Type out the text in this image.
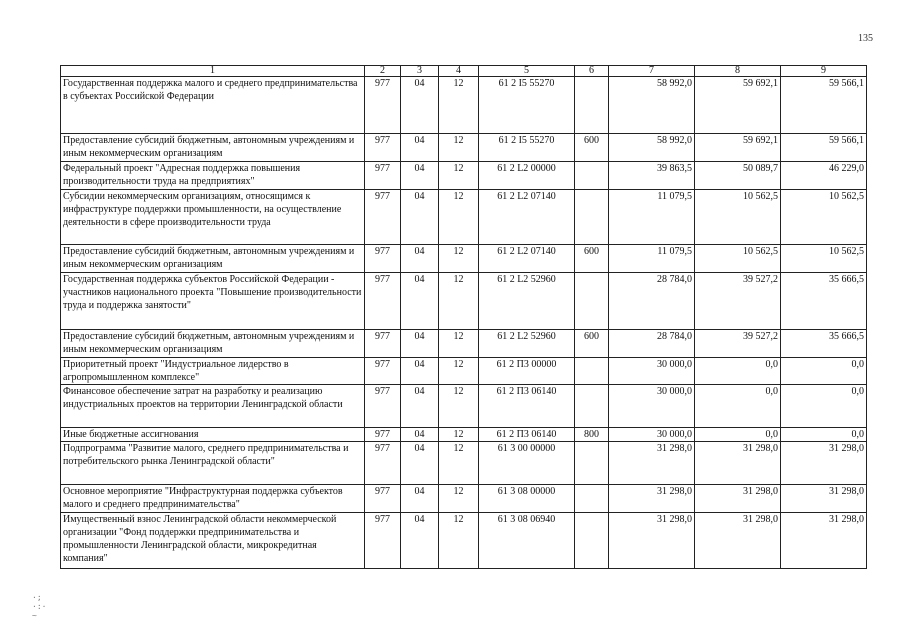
135
1	2	3	4	5	6	7	8	9
Государственная поддержка малого и среднего предпринимательства в субъектах Российской Федерации	977	04	12	61 2 I5 55270		58 992,0	59 692,1	59 566,1
Предоставление субсидий бюджетным, автономным учреждениям и иным некоммерческим организациям	977	04	12	61 2 I5 55270	600	58 992,0	59 692,1	59 566,1
Федеральный проект "Адресная поддержка повышения производительности труда на предприятиях"	977	04	12	61 2 L2 00000		39 863,5	50 089,7	46 229,0
Субсидии некоммерческим организациям, относящимся к инфраструктуре поддержки промышленности, на осуществление деятельности в сфере производительности труда	977	04	12	61 2 L2 07140		11 079,5	10 562,5	10 562,5
Предоставление субсидий бюджетным, автономным учреждениям и иным некоммерческим организациям	977	04	12	61 2 L2 07140	600	11 079,5	10 562,5	10 562,5
Государственная поддержка субъектов Российской Федерации - участников национального проекта "Повышение производительности труда и поддержка занятости"	977	04	12	61 2 L2 52960		28 784,0	39 527,2	35 666,5
Предоставление субсидий бюджетным, автономным учреждениям и иным некоммерческим организациям	977	04	12	61 2 L2 52960	600	28 784,0	39 527,2	35 666,5
Приоритетный проект "Индустриальное лидерство в агропромышленном комплексе"	977	04	12	61 2 П3 00000		30 000,0	0,0	0,0
Финансовое обеспечение затрат на разработку и реализацию индустриальных проектов на территории Ленинградской области	977	04	12	61 2 П3 06140		30 000,0	0,0	0,0
Иные бюджетные ассигнования	977	04	12	61 2 П3 06140	800	30 000,0	0,0	0,0
Подпрограмма "Развитие малого, среднего предпринимательства и потребительского рынка Ленинградской области"	977	04	12	61 3 00 00000		31 298,0	31 298,0	31 298,0
Основное мероприятие "Инфраструктурная поддержка субъектов малого и среднего предпринимательства"	977	04	12	61 3 08 00000		31 298,0	31 298,0	31 298,0
Имущественный взнос Ленинградской области некоммерческой организации "Фонд поддержки предпринимательства и промышленности Ленинградской области, микрокредитная компания"	977	04	12	61 3 08 06940		31 298,0	31 298,0	31 298,0
·;
·:·
~
